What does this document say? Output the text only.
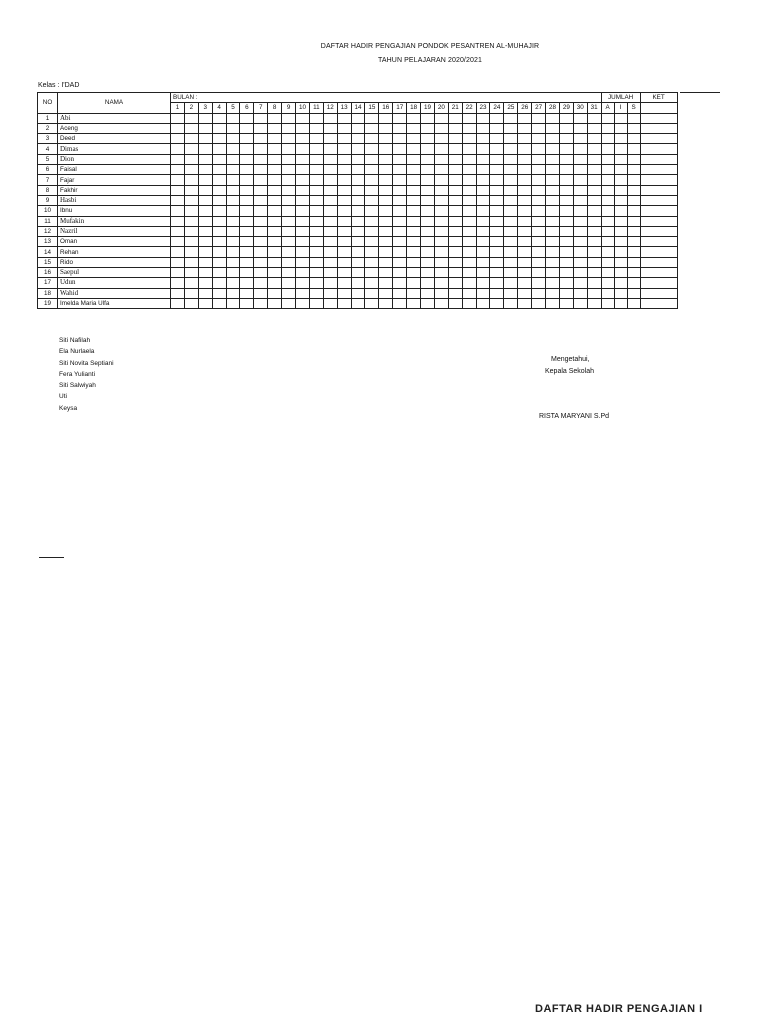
DAFTAR HADIR PENGAJIAN PONDOK PESANTREN AL-MUHAJIR
TAHUN PELAJARAN 2020/2021
Kelas : I'DAD
NO	NAMA	BULAN :																															JUMLAH			KET
		1	2	3	4	5	6	7	8	9	10	11	12	13	14	15	16	17	18	19	20	21	22	23	24	25	26	27	28	29	30	31	A	I	S	
1	Abi																																			
2	Aceng																																			
3	Deed																																			
4	Dimas																																			
5	Dion																																			
6	Faisal																																			
7	Fajar																																			
8	Fakhir																																			
9	Hasbi																																			
10	Ibnu																																			
11	Mufakin																																			
12	Nazril																																			
13	Oman																																			
14	Rehan																																			
15	Rido																																			
16	Saepul																																			
17	Udun																																			
18	Wahid																																			
19	Imelda Maria Ulfa																																			
Siti Nafilah
Ela Nurlaela
Siti Novita Septiani
Fera Yulianti
Siti Salwiyah
Uti
Keysa
Mengetahui,
Kepala Sekolah
RISTA MARYANI S.Pd
DAFTAR HADIR PENGAJIAN I
